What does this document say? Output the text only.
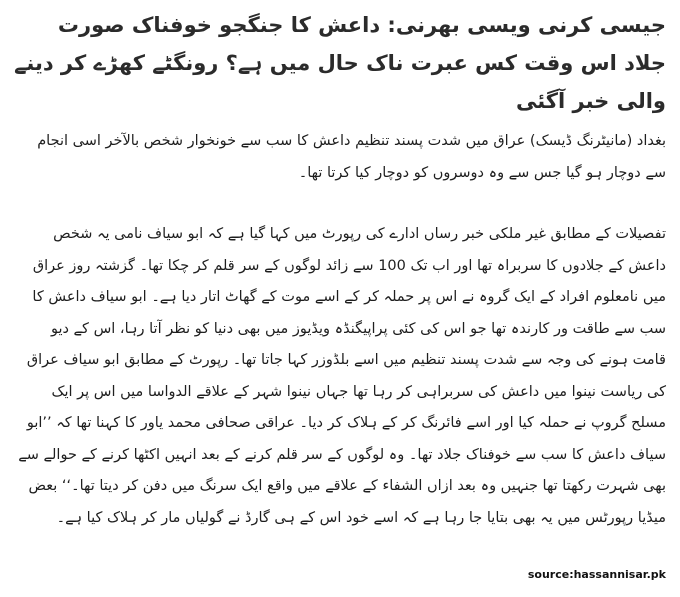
جیسی کرنی ویسی بھرنی: داعش کا جنگجو خوفناک صورت جلاد اس وقت کس عبرت ناک حال میں ہے؟ رونگٹے کھڑے کر دینے والی خبر آگئی
بغداد (مانیٹرنگ ڈیسک) عراق میں شدت پسند تنظیم داعش کا سب سے خونخوار شخص بالآخر اسی انجام سے دوچار ہو گیا جس سے وہ دوسروں کو دوچار کیا کرتا تھا۔
تفصیلات کے مطابق غیر ملکی خبر رساں ادارے کی رپورٹ میں کہا گیا ہے کہ ابو سیاف نامی یہ شخص داعش کے جلادوں کا سربراہ تھا اور اب تک 100 سے زائد لوگوں کے سر قلم کر چکا تھا۔ گزشتہ روز عراق میں نامعلوم افراد کے ایک گروہ نے اس پر حملہ کر کے اسے موت کے گھاٹ اتار دیا ہے۔ ابو سیاف داعش کا سب سے طاقت ور کارندہ تھا جو اس کی کئی پراپیگنڈہ ویڈیوز میں بھی دنیا کو نظر آتا رہا، اس کے دیو قامت ہونے کی وجہ سے شدت پسند تنظیم میں اسے بلڈوزر کہا جاتا تھا۔ رپورٹ کے مطابق ابو سیاف عراق کی ریاست نینوا میں داعش کی سربراہی کر رہا تھا جہاں نینوا شہر کے علاقے الدواسا میں اس پر ایک مسلح گروپ نے حملہ کیا اور اسے فائرنگ کر کے ہلاک کر دیا۔ عراقی صحافی محمد یاور کا کہنا تھا کہ ’’ابو سیاف داعش کا سب سے خوفناک جلاد تھا۔ وہ لوگوں کے سر قلم کرنے کے بعد انہیں اکٹھا کرنے کے حوالے سے بھی شہرت رکھتا تھا جنہیں وہ بعد ازاں الشفاء کے علاقے میں واقع ایک سرنگ میں دفن کر دیتا تھا۔‘‘ بعض میڈیا رپورٹس میں یہ بھی بتایا جا رہا ہے کہ اسے خود اس کے ہی گارڈ نے گولیاں مار کر ہلاک کیا ہے۔
source:hassannisar.pk
